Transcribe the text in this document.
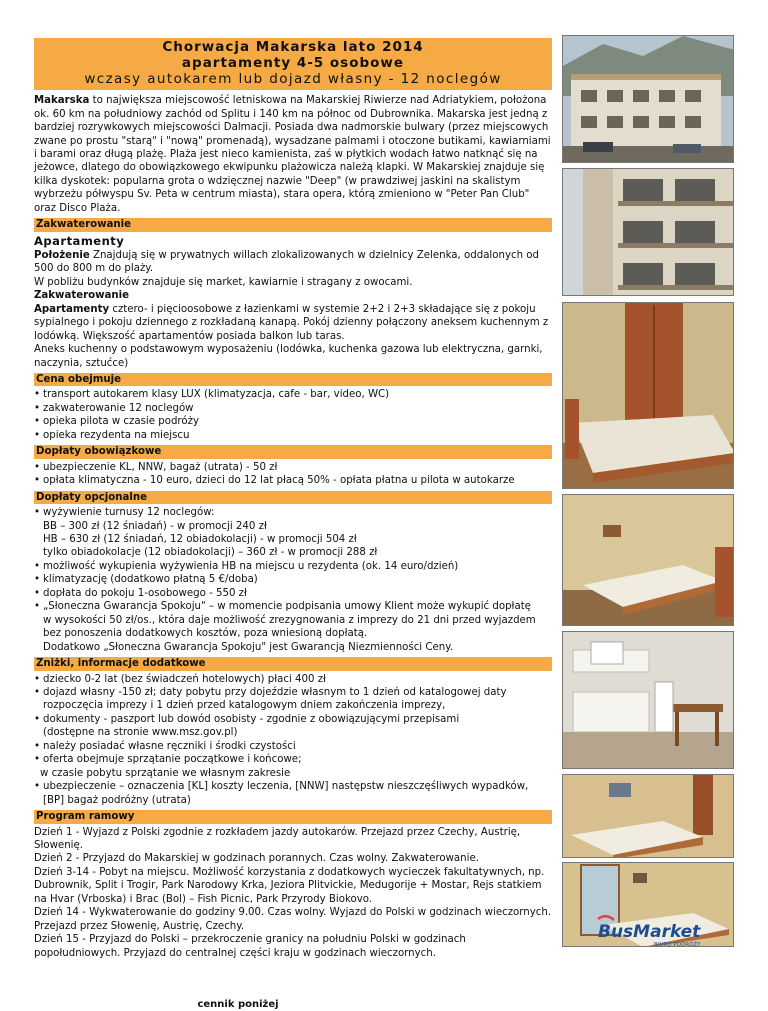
Chorwacja Makarska lato 2014
apartamenty 4-5 osobowe
wczasy autokarem lub dojazd własny - 12 noclegów

Makarska to największa miejscowość letniskowa na Makarskiej Riwierze nad Adriatykiem, położona ok. 60 km na południowy zachód od Splitu i 140 km na północ od Dubrownika. Makarska jest jedną z bardziej rozrywkowych miejscowości Dalmacji. Posiada dwa nadmorskie bulwary (przez miejscowych zwane po prostu "starą" i "nową" promenadą), wysadzane palmami i otoczone butikami, kawiarniami i barami oraz długą plażę. Plaża jest nieco kamienista, zaś w płytkich wodach łatwo natknąć się na jeżowce, dlatego do obowiązkowego ekwipunku plażowicza należą klapki. W Makarskiej znajduje się kilka dyskotek: popularna grota o wdzięcznej nazwie "Deep" (w prawdziwej jaskini na skalistym wybrzeżu półwyspu Sv. Peta w centrum miasta), stara opera, którą zmieniono w "Peter Pan Club" oraz Disco Plaża.

Zakwaterowanie
Apartamenty

Położenie Znajdują się w prywatnych willach zlokalizowanych w dzielnicy Zelenka, oddalonych od 500 do 800 m do plaży.

W pobliżu budynków znajduje się market, kawiarnie i stragany z owocami.

Zakwaterowanie

Apartamenty cztero- i pięcioosobowe z łazienkami w systemie 2+2 i 2+3 składające się z pokoju sypialnego i pokoju dziennego z rozkładaną kanapą. Pokój dzienny połączony aneksem kuchennym z lodówką. Większość apartamentów posiada balkon lub taras.

Aneks kuchenny o podstawowym wyposażeniu (lodówka, kuchenka gazowa lub elektryczna, garnki, naczynia, sztućce)

Cena obejmuje
• transport autokarem klasy LUX (klimatyzacja, cafe - bar, video, WC)
• zakwaterowanie 12 noclegów
• opieka pilota w czasie podróży
• opieka rezydenta na miejscu
Dopłaty obowiązkowe
• ubezpieczenie KL, NNW, bagaż (utrata) - 50 zł
• opłata klimatyczna - 10 euro, dzieci do 12 lat płacą 50% - opłata płatna u pilota w autokarze
Dopłaty opcjonalne
• wyżywienie turnusy 12 noclegów:

BB – 300 zł (12 śniadań) - w promocji 240 zł

HB – 630 zł (12 śniadań, 12 obiadokolacji) - w promocji 504 zł

tylko obiadokolacje (12 obiadokolacji) – 360 zł - w promocji 288 zł

• możliwość wykupienia wyżywienia HB na miejscu u rezydenta (ok. 14 euro/dzień)
• klimatyzację (dodatkowo płatną 5 €/doba)
• dopłata do pokoju 1-osobowego - 550 zł
• „Słoneczna Gwarancja Spokoju" – w momencie podpisania umowy Klient może wykupić dopłatę

w wysokości 50 zł/os., która daje możliwość zrezygnowania z imprezy do 21 dni przed wyjazdem

bez ponoszenia dodatkowych kosztów, poza wniesioną dopłatą.

Dodatkowo „Słoneczna Gwarancja Spokoju" jest Gwarancją Niezmienności Ceny.

Zniżki, informacje dodatkowe
• dziecko 0-2 lat (bez świadczeń hotelowych) płaci 400 zł
• dojazd własny -150 zł; daty pobytu przy dojeździe własnym to 1 dzień od katalogowej daty

rozpoczęcia imprezy i 1 dzień przed katalogowym dniem zakończenia imprezy,

• dokumenty - paszport lub dowód osobisty - zgodnie z obowiązującymi przepisami

(dostępne na stronie www.msz.gov.pl)

• należy posiadać własne ręczniki i środki czystości
• oferta obejmuje sprzątanie początkowe i końcowe;

w czasie pobytu sprzątanie we własnym zakresie

• ubezpieczenie – oznaczenia [KL] koszty leczenia, [NNW] następstw nieszczęśliwych wypadków,

[BP] bagaż podróżny (utrata)

Program ramowy

Dzień 1 - Wyjazd z Polski zgodnie z rozkładem jazdy autokarów. Przejazd przez Czechy, Austrię, Słowenię.

Dzień 2 - Przyjazd do Makarskiej w godzinach porannych. Czas wolny. Zakwaterowanie.

Dzień 3-14 - Pobyt na miejscu. Możliwość korzystania z dodatkowych wycieczek fakultatywnych, np. Dubrownik, Split i Trogir, Park Narodowy Krka, Jeziora Plitvickie, Medugorije + Mostar, Rejs statkiem na Hvar (Vrboska) i Brac (Bol) – Fish Picnic, Park Przyrody Biokovo.

Dzień 14 - Wykwaterowanie do godziny 9.00. Czas wolny. Wyjazd do Polski w godzinach wieczornych. Przejazd przez Słowenię, Austrię, Czechy.

Dzień 15 - Przyjazd do Polski – przekroczenie granicy na południu Polski w godzinach popołudniowych. Przyjazd do centralnej części kraju w godzinach wieczornych.

cennik poniżej
BusMarket
BIURO PODRÓŻY
